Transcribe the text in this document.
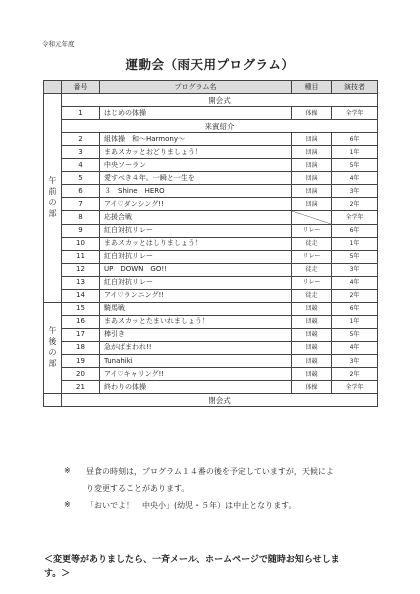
令和元年度
運動会（雨天用プログラム）
	番号	プログラム名	種目	演技者
午前の部	開会式			
	1	はじめの体操	体操	全学年
	来賓紹介			
	2	組体操　和～Harmony～	団演	6年
	3	まあスカッとおどりましょう！	団演	1年
	4	中央ソーラン	団演	5年
	5	愛すべき４年。一瞬と一生を	団演	4年
	6	３　Shine　HERO	団演	3年
	7	アイ♡ダンシング!!	団演	2年
	8	応援合戦		全学年
	9	紅白対抗リレー	リレー	6年
	10	まあスカッとはしりましょう！	徒走	1年
	11	紅白対抗リレー	リレー	5年
	12	UP　DOWN　GO!!	徒走	3年
	13	紅白対抗リレー	リレー	4年
	14	アイ♡ランニング!!	徒走	2年
午後の部	15	騎馬戦	団競	6年
	16	まあスカッとたまいれましょう！	団競	1年
	17	棒引き	団競	5年
	18	急がばまわれ!!	団競	4年
	19	Tunahiki	団競	3年
	20	アイ♡キャリング!!	団競	2年
	21	終わりの体操	体操	全学年
	閉会式			
※ 昼食の時刻は，プログラム１４番の後を予定していますが，天候によ
り変更することがあります。
※ 「おいでよ！　中央小」(幼児・５年）は中止となります。
＜変更等がありましたら、一斉メール、ホームページで随時お知らせしま
す。＞
